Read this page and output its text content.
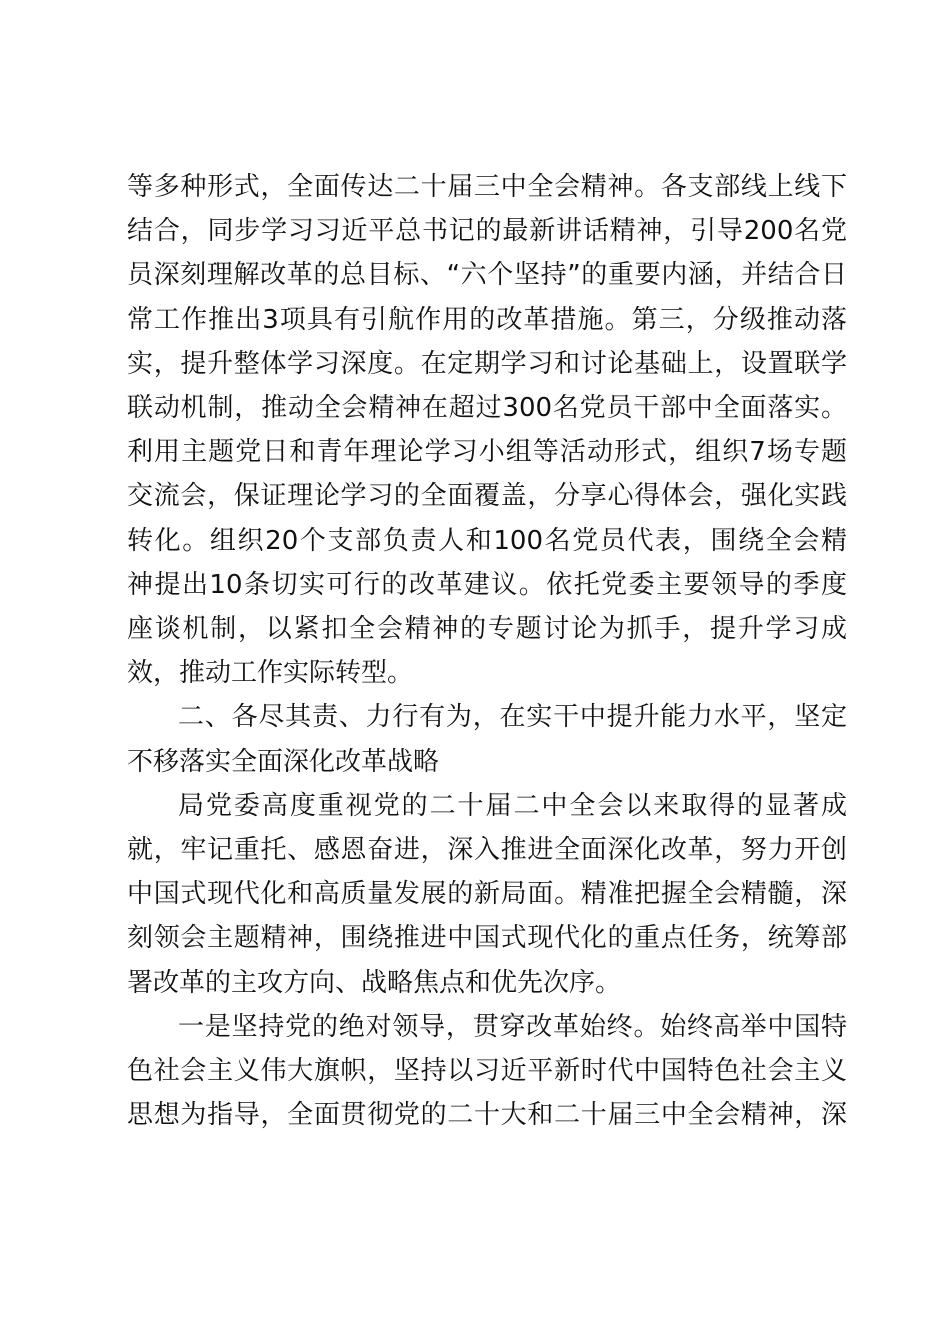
等多种形式，全面传达二十届三中全会精神。各支部线上线下
结合，同步学习习近平总书记的最新讲话精神，引导200名党
员深刻理解改革的总目标、“六个坚持”的重要内涵，并结合日
常工作推出3项具有引航作用的改革措施。第三，分级推动落
实，提升整体学习深度。在定期学习和讨论基础上，设置联学
联动机制，推动全会精神在超过300名党员干部中全面落实。
利用主题党日和青年理论学习小组等活动形式，组织7场专题
交流会，保证理论学习的全面覆盖，分享心得体会，强化实践
转化。组织20个支部负责人和100名党员代表，围绕全会精
神提出10条切实可行的改革建议。依托党委主要领导的季度
座谈机制，以紧扣全会精神的专题讨论为抓手，提升学习成
效，推动工作实际转型。
二、各尽其责、力行有为，在实干中提升能力水平，坚定
不移落实全面深化改革战略
局党委高度重视党的二十届二中全会以来取得的显著成
就，牢记重托、感恩奋进，深入推进全面深化改革，努力开创
中国式现代化和高质量发展的新局面。精准把握全会精髓，深
刻领会主题精神，围绕推进中国式现代化的重点任务，统筹部
署改革的主攻方向、战略焦点和优先次序。
一是坚持党的绝对领导，贯穿改革始终。始终高举中国特
色社会主义伟大旗帜，坚持以习近平新时代中国特色社会主义
思想为指导，全面贯彻党的二十大和二十届三中全会精神，深
